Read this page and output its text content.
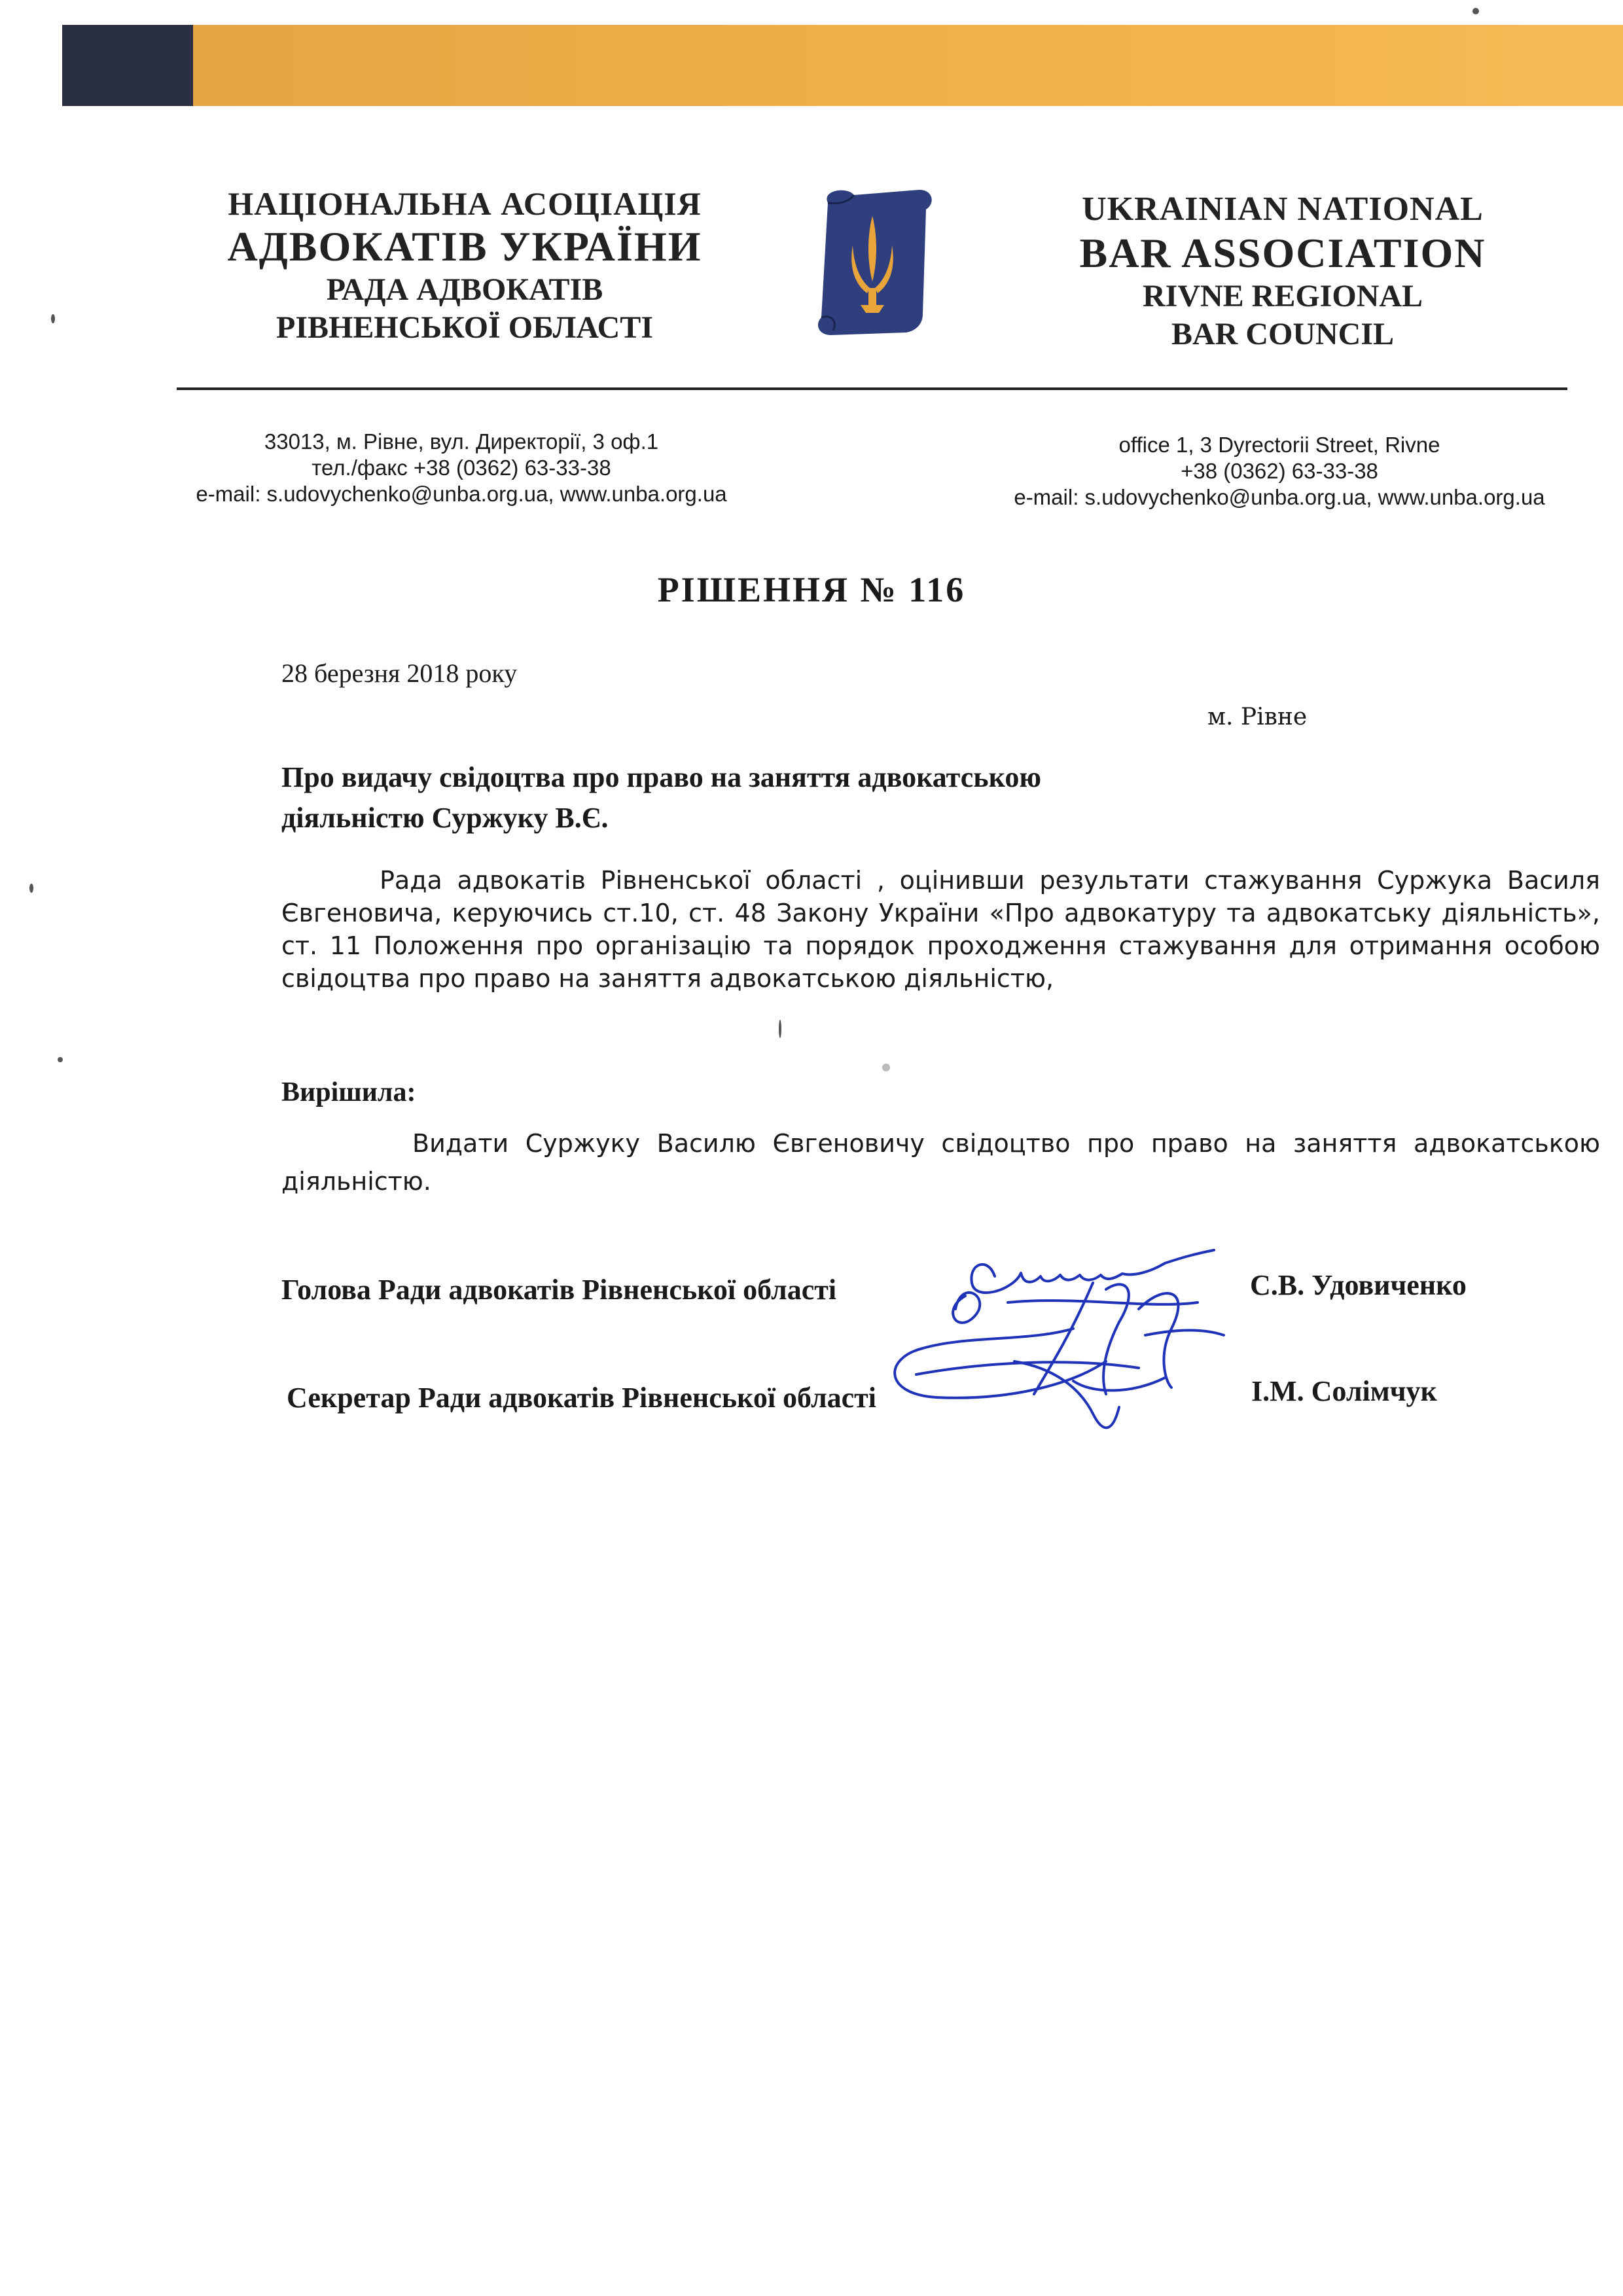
НАЦІОНАЛЬНА АСОЦІАЦІЯ
АДВОКАТІВ УКРАЇНИ
РАДА АДВОКАТІВ
РІВНЕНСЬКОЇ ОБЛАСТІ
UKRAINIAN NATIONAL
BAR ASSOCIATION
RIVNE REGIONAL
BAR COUNCIL
33013, м. Рівне, вул. Директорії, 3 оф.1
тел./факс +38 (0362) 63-33-38
e-mail: s.udovychenko@unba.org.ua, www.unba.org.ua
office 1, 3 Dyrectorii Street, Rivne
+38 (0362) 63-33-38
e-mail: s.udovychenko@unba.org.ua, www.unba.org.ua
РІШЕННЯ № 116
28 березня 2018 року
м. Рівне
Про видачу свідоцтва про право на заняття адвокатською
діяльністю Суржуку В.Є.
Рада адвокатів Рівненської області , оцінивши результати стажування Суржука Василя Євгеновича, керуючись ст.10, ст. 48 Закону України «Про адвокатуру та адвокатську діяльність», ст. 11 Положення про організацію та порядок проходження стажування для отримання особою свідоцтва про право на заняття адвокатською діяльністю,
Вирішила:
Видати Суржуку Василю Євгеновичу свідоцтво про право на заняття адвокатською діяльністю.
Голова Ради адвокатів Рівненської області	С.В. Удовиченко
Секретар Ради адвокатів Рівненської області	І.М. Солімчук
